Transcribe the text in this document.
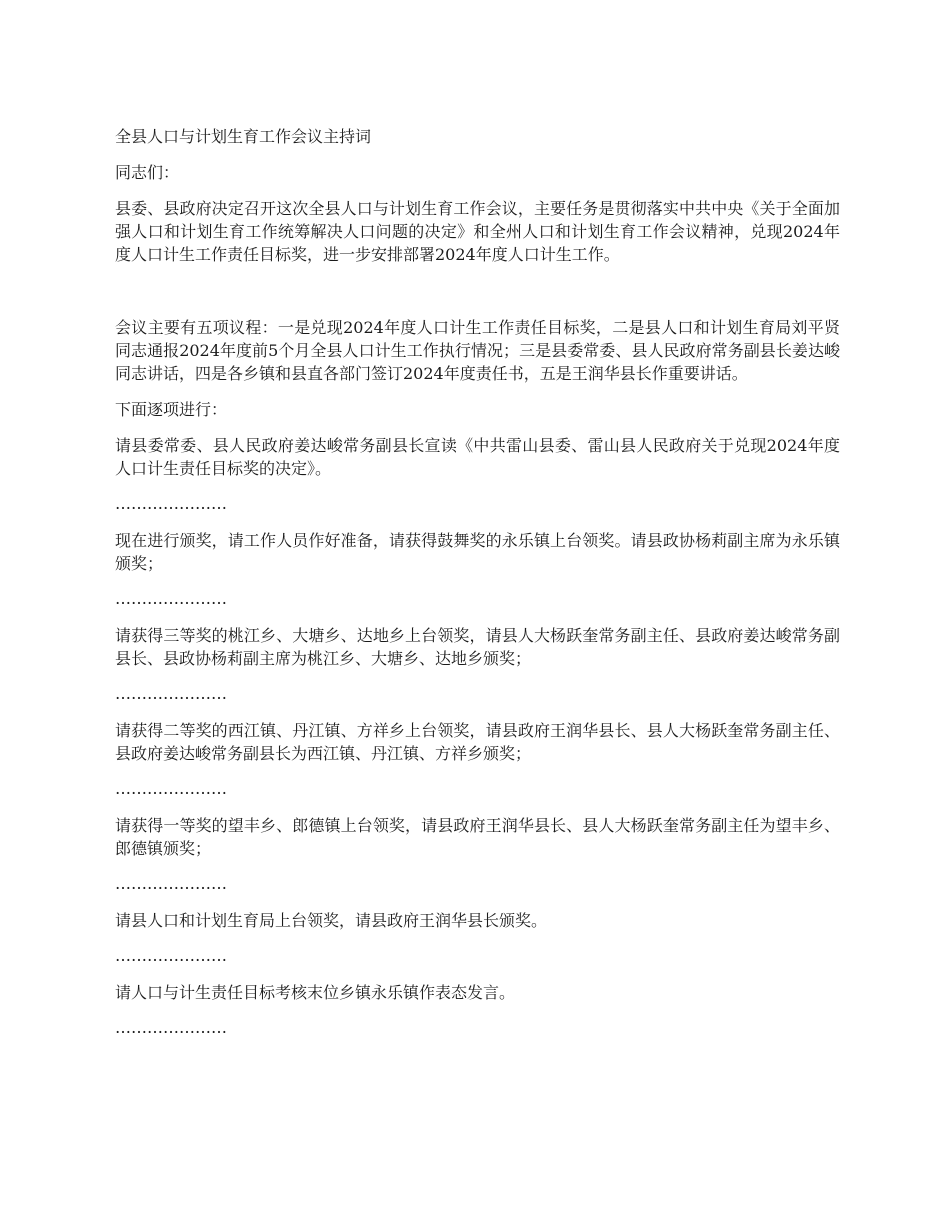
全县人口与计划生育工作会议主持词

同志们：

县委、县政府决定召开这次全县人口与计划生育工作会议，主要任务是贯彻落实中共中央《关于全面加强人口和计划生育工作统筹解决人口问题的决定》和全州人口和计划生育工作会议精神，兑现2024年度人口计生工作责任目标奖，进一步安排部署2024年度人口计生工作。

会议主要有五项议程：一是兑现2024年度人口计生工作责任目标奖，二是县人口和计划生育局刘平贤同志通报2024年度前5个月全县人口计生工作执行情况；三是县委常委、县人民政府常务副县长姜达峻同志讲话，四是各乡镇和县直各部门签订2024年度责任书，五是王润华县长作重要讲话。

下面逐项进行：

请县委常委、县人民政府姜达峻常务副县长宣读《中共雷山县委、雷山县人民政府关于兑现2024年度人口计生责任目标奖的决定》。

…………………

现在进行颁奖，请工作人员作好准备，请获得鼓舞奖的永乐镇上台领奖。请县政协杨莉副主席为永乐镇颁奖；

…………………

请获得三等奖的桃江乡、大塘乡、达地乡上台领奖，请县人大杨跃奎常务副主任、县政府姜达峻常务副县长、县政协杨莉副主席为桃江乡、大塘乡、达地乡颁奖；

…………………

请获得二等奖的西江镇、丹江镇、方祥乡上台领奖，请县政府王润华县长、县人大杨跃奎常务副主任、县政府姜达峻常务副县长为西江镇、丹江镇、方祥乡颁奖；

…………………

请获得一等奖的望丰乡、郎德镇上台领奖，请县政府王润华县长、县人大杨跃奎常务副主任为望丰乡、郎德镇颁奖；

…………………

请县人口和计划生育局上台领奖，请县政府王润华县长颁奖。

…………………

请人口与计生责任目标考核末位乡镇永乐镇作表态发言。

…………………
